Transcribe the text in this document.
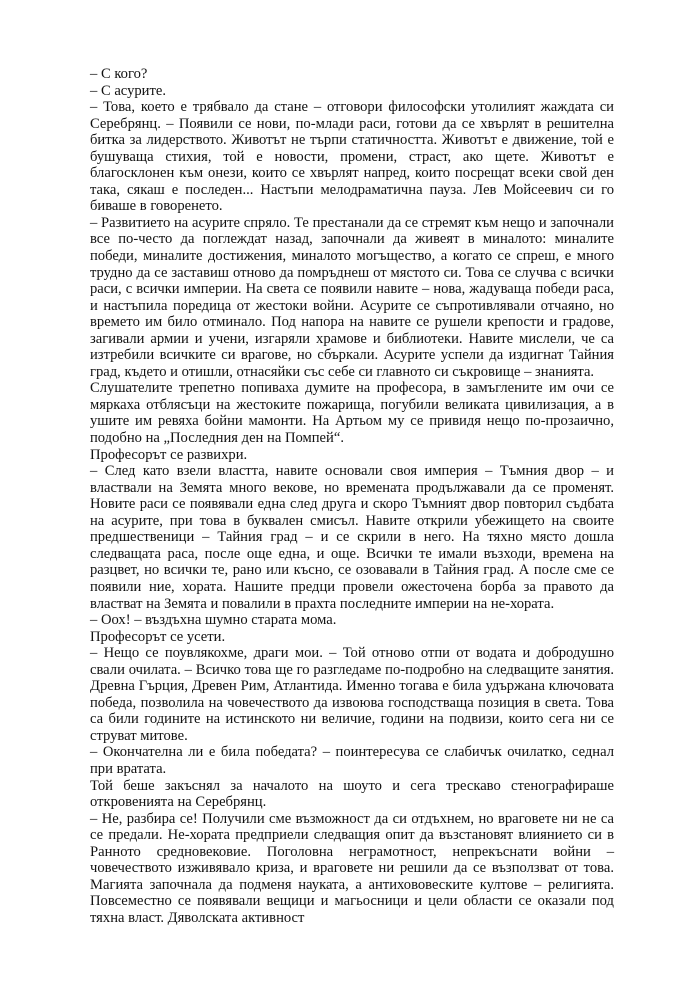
– С кого?

– С асурите.

– Това, което е трябвало да стане – отговори философски утолилият жаждата си Серебрянц. – Появили се нови, по-млади раси, готови да се хвърлят в решителна битка за лидерството. Животът не търпи статичността. Животът е движение, той е бушуваща стихия, той е новости, промени, страст, ако щете. Животът е благосклонен към онези, които се хвърлят напред, които посрещат всеки свой ден така, сякаш е последен... Настъпи мелодраматична пауза. Лев Мойсеевич си го биваше в говоренето.

– Развитието на асурите спряло. Те престанали да се стремят към нещо и започнали все по-често да поглеждат назад, започнали да живеят в миналото: миналите победи, миналите достижения, миналото могъщество, а когато се спреш, е много трудно да се заставиш отново да помръднеш от мястото си. Това се случва с всички раси, с всички империи. На света се появили навите – нова, жадуваща победи раса, и настъпила поредица от жестоки войни. Асурите се съпротивлявали отчаяно, но времето им било отминало. Под напора на навите се рушели крепости и градове, загивали армии и учени, изгаряли храмове и библиотеки. Навите мислели, че са изтребили всичките си врагове, но сбъркали. Асурите успели да издигнат Тайния град, където и отишли, отнасяйки със себе си главното си съкровище – знанията.

Слушателите трепетно попиваха думите на професора, в замъглените им очи се мяркаха отблясъци на жестоките пожарища, погубили великата цивилизация, а в ушите им ревяха бойни мамонти. На Артьом му се привидя нещо по-прозаично, подобно на „Последния ден на Помпей“.

Професорът се развихри.

– След като взели властта, навите основали своя империя – Тъмния двор – и властвали на Земята много векове, но времената продължавали да се променят. Новите раси се появявали една след друга и скоро Тъмният двор повторил съдбата на асурите, при това в буквален смисъл. Навите открили убежището на своите предшественици – Тайния град – и се скрили в него. На тяхно място дошла следващата раса, после още една, и още. Всички те имали възходи, времена на разцвет, но всички те, рано или късно, се озовавали в Тайния град. А после сме се появили ние, хората. Нашите предци провели ожесточена борба за правото да властват на Земята и повалили в прахта последните империи на не-хората.

– Оох! – въздъхна шумно старата мома.

Професорът се усети.

– Нещо се поувлякохме, драги мои. – Той отново отпи от водата и добродушно свали очилата. – Всичко това ще го разгледаме по-подробно на следващите занятия. Древна Гърция, Древен Рим, Атлантида. Именно тогава е била удържана ключовата победа, позволила на човечеството да извоюва господстваща позиция в света. Това са били годините на истинското ни величие, години на подвизи, които сега ни се струват митове.

– Окончателна ли е била победата? – поинтересува се слабичък очилатко, седнал при вратата.

Той беше закъснял за началото на шоуто и сега трескаво стенографираше откровенията на Серебрянц.

– Не, разбира се! Получили сме възможност да си отдъхнем, но враговете ни не са се предали. Не-хората предприели следващия опит да възстановят влиянието си в Ранното средновековие. Поголовна неграмотност, непрекъснати войни – човечеството изживявало криза, и враговете ни решили да се възползват от това. Магията започнала да подменя науката, а антихововеските култове – религията. Повсеместно се появявали вещици и магьосници и цели области се оказали под тяхна власт. Дяволската активност
